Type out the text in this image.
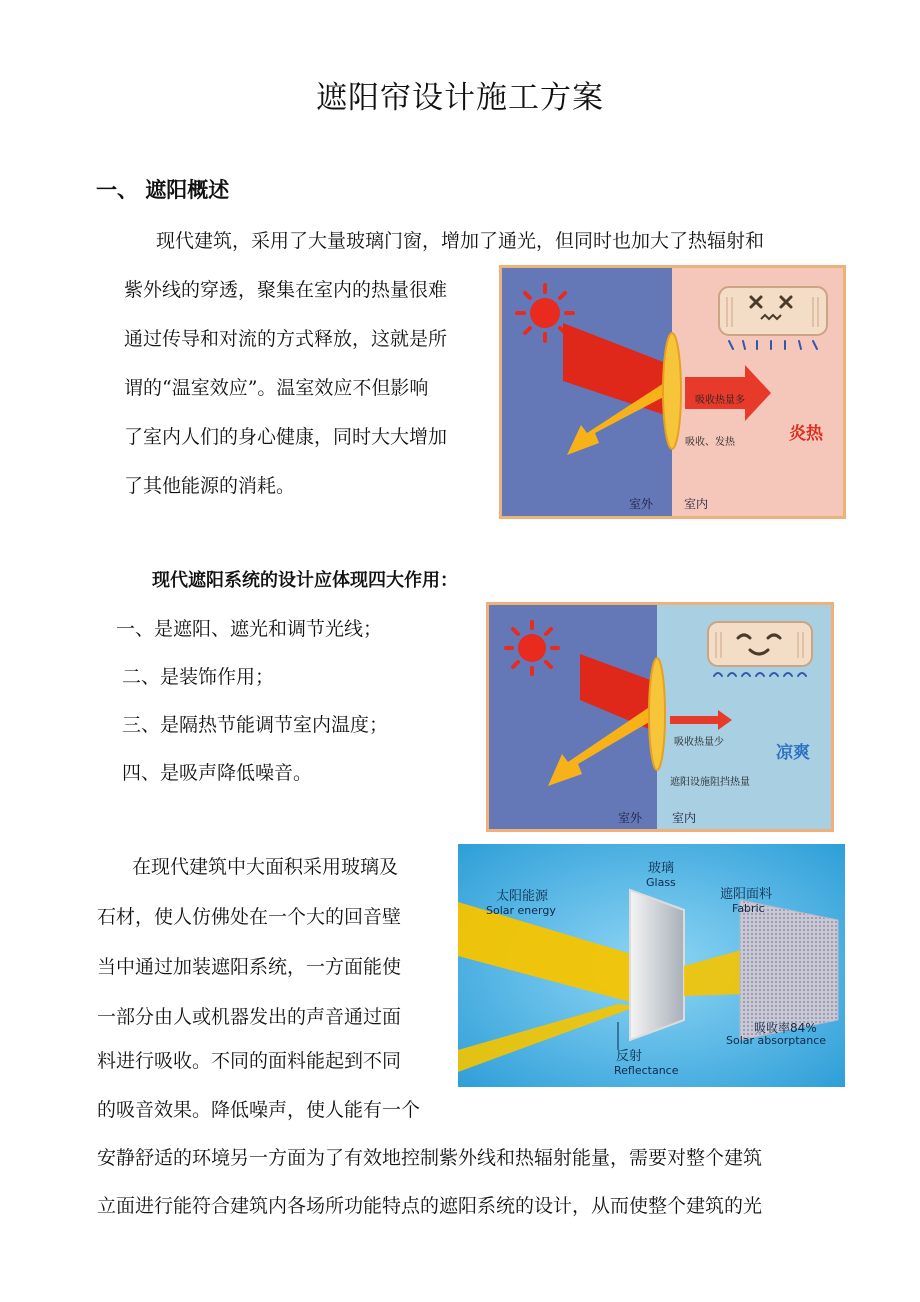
遮阳帘设计施工方案
一、 遮阳概述
现代建筑，采用了大量玻璃门窗，增加了通光，但同时也加大了热辐射和
紫外线的穿透，聚集在室内的热量很难
通过传导和对流的方式释放，这就是所
谓的“温室效应”。温室效应不但影响
了室内人们的身心健康，同时大大增加
了其他能源的消耗。
吸收热量多
吸收、发热	炎热
室外	室内
现代遮阳系统的设计应体现四大作用：
一、是遮阳、遮光和调节光线；
二、是装饰作用；
三、是隔热节能调节室内温度；
四、是吸声降低噪音。
吸收热量少
遮阳设施阻挡热量
凉爽
室外 室内
在现代建筑中大面积采用玻璃及
石材，使人仿佛处在一个大的回音壁
当中通过加装遮阳系统，一方面能使
一部分由人或机器发出的声音通过面
料进行吸收。不同的面料能起到不同
的吸音效果。降低噪声，使人能有一个
安静舒适的环境另一方面为了有效地控制紫外线和热辐射能量，需要对整个建筑
立面进行能符合建筑内各场所功能特点的遮阳系统的设计，从而使整个建筑的光
太阳能源
Solar energy
玻璃
Glass
遮阳面料
Fabric
吸收率84%
Solar absorptance
反射
Reflectance
